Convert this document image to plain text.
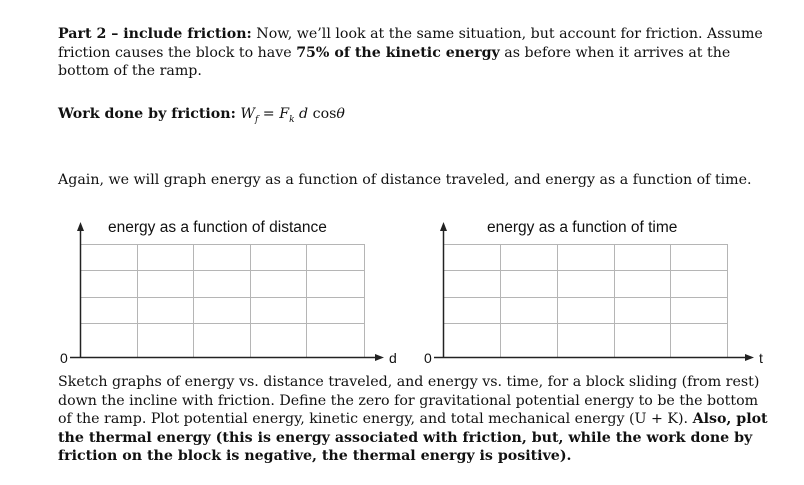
Part 2 – include friction: Now, we’ll look at the same situation, but account for friction. Assume friction causes the block to have 75% of the kinetic energy as before when it arrives at the bottom of the ramp.
Work done by friction: $W_f = F_k$ d cosθ
Again, we will graph energy as a function of distance traveled, and energy as a function of time.
energy as a function of distance	energy as a function of time
0	d 0	t
Sketch graphs of energy vs. distance traveled, and energy vs. time, for a block sliding (from rest) down the incline with friction. Define the zero for gravitational potential energy to be the bottom of the ramp. Plot potential energy, kinetic energy, and total mechanical energy (U + K). Also, plot the thermal energy (this is energy associated with friction, but, while the work done by friction on the block is negative, the thermal energy is positive).
